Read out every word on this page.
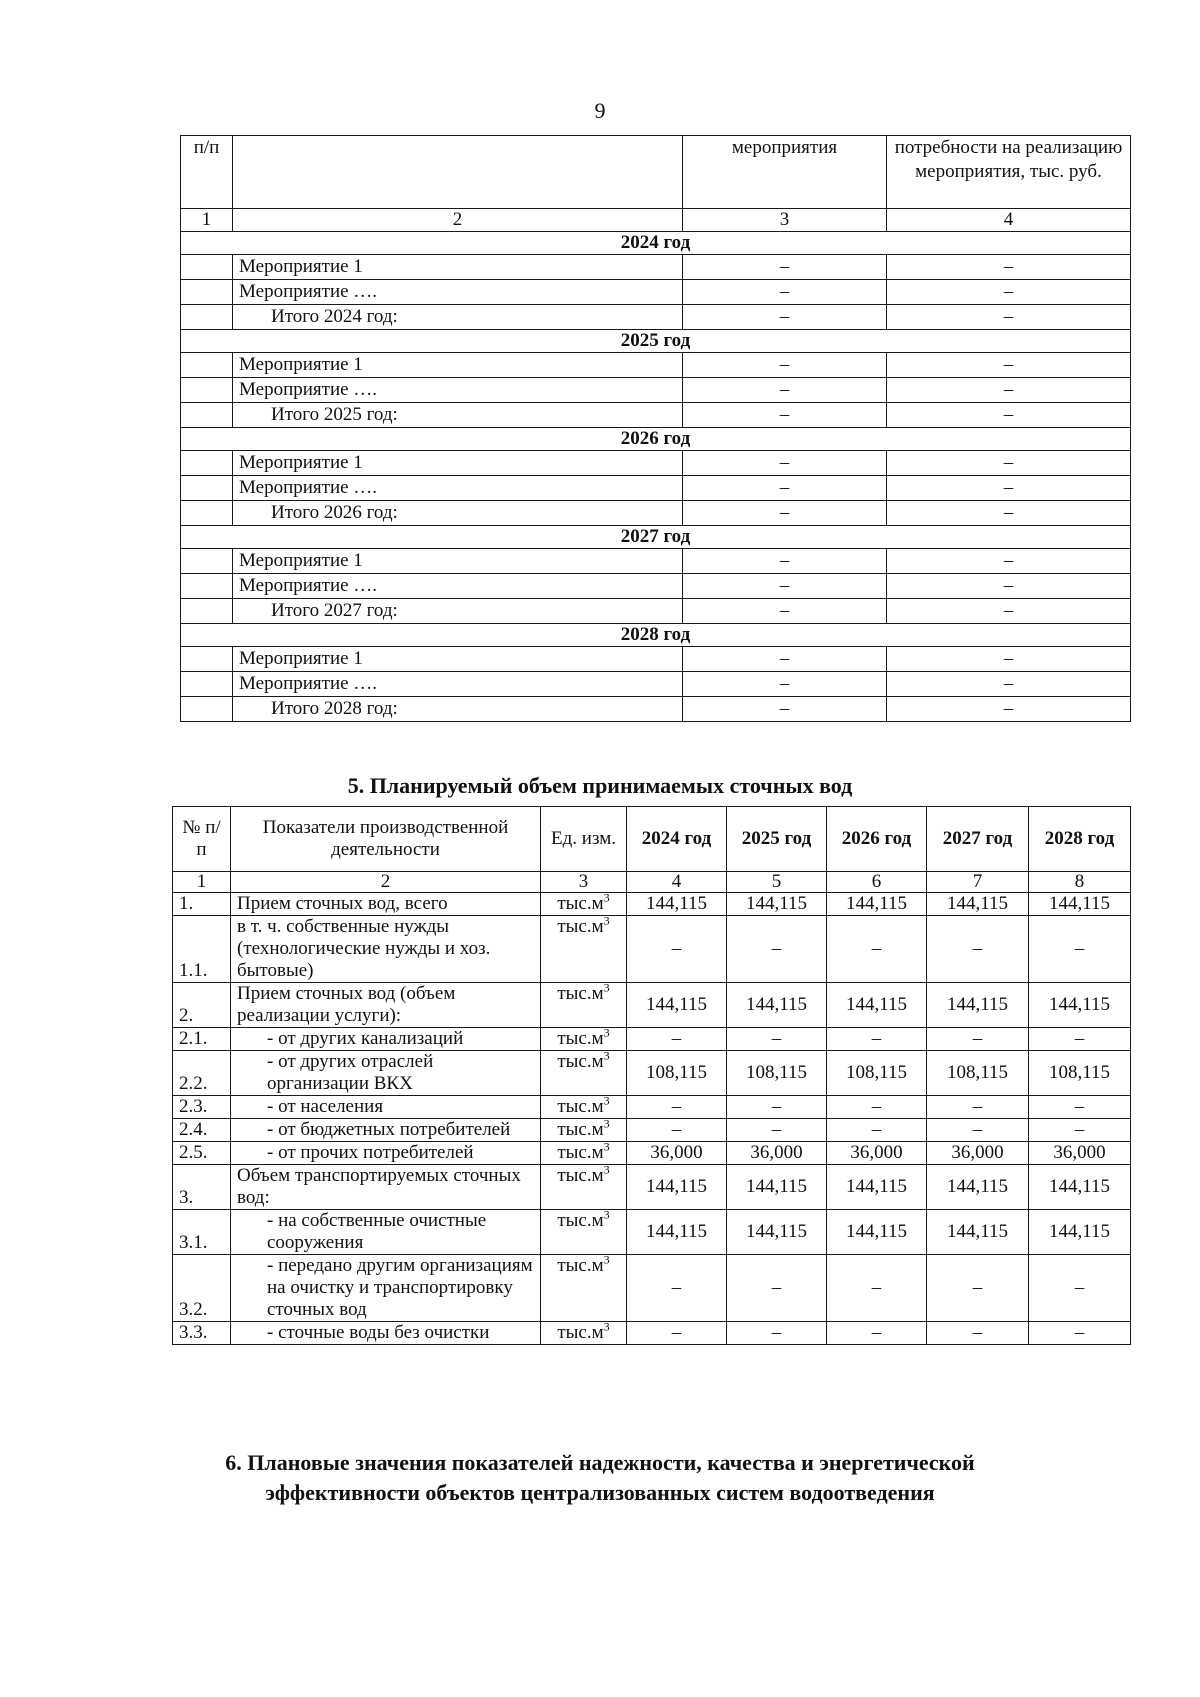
9
п/п		мероприятия	потребности на реализацию мероприятия, тыс. руб.
1	2	3	4
2024 год			
	Мероприятие 1	–	–
	Мероприятие ….	–	–
	Итого 2024 год:	–	–
2025 год			
	Мероприятие 1	–	–
	Мероприятие ….	–	–
	Итого 2025 год:	–	–
2026 год			
	Мероприятие 1	–	–
	Мероприятие ….	–	–
	Итого 2026 год:	–	–
2027 год			
	Мероприятие 1	–	–
	Мероприятие ….	–	–
	Итого 2027 год:	–	–
2028 год			
	Мероприятие 1	–	–
	Мероприятие ….	–	–
	Итого 2028 год:	–	–
5. Планируемый объем принимаемых сточных вод
№ п/п	Показатели производственной деятельности	Ед. изм.	2024 год	2025 год	2026 год	2027 год	2028 год
1	2	3	4	5	6	7	8
1.	Прием сточных вод, всего	$тыс.м^3$	144,115	144,115	144,115	144,115	144,115
1.1.	в т. ч. собственные нужды (технологические нужды и хоз. бытовые)	$тыс.м^3$	–	–	–	–	–
2.	Прием сточных вод (объем реализации услуги):	$тыс.м^3$	144,115	144,115	144,115	144,115	144,115
2.1.	- от других канализаций	$тыс.м^3$	–	–	–	–	–
2.2.	- от других отраслей организации ВКХ	$тыс.м^3$	108,115	108,115	108,115	108,115	108,115
2.3.	- от населения	$тыс.м^3$	–	–	–	–	–
2.4.	- от бюджетных потребителей	$тыс.м^3$	–	–	–	–	–
2.5.	- от прочих потребителей	$тыс.м^3$	36,000	36,000	36,000	36,000	36,000
3.	Объем транспортируемых сточных вод:	$тыс.м^3$	144,115	144,115	144,115	144,115	144,115
3.1.	- на собственные очистные сооружения	$тыс.м^3$	144,115	144,115	144,115	144,115	144,115
3.2.	- передано другим организациям на очистку и транспортировку сточных вод	$тыс.м^3$	–	–	–	–	–
3.3.	- сточные воды без очистки	$тыс.м^3$	–	–	–	–	–
6. Плановые значения показателей надежности, качества и энергетической
эффективности объектов централизованных систем водоотведения
